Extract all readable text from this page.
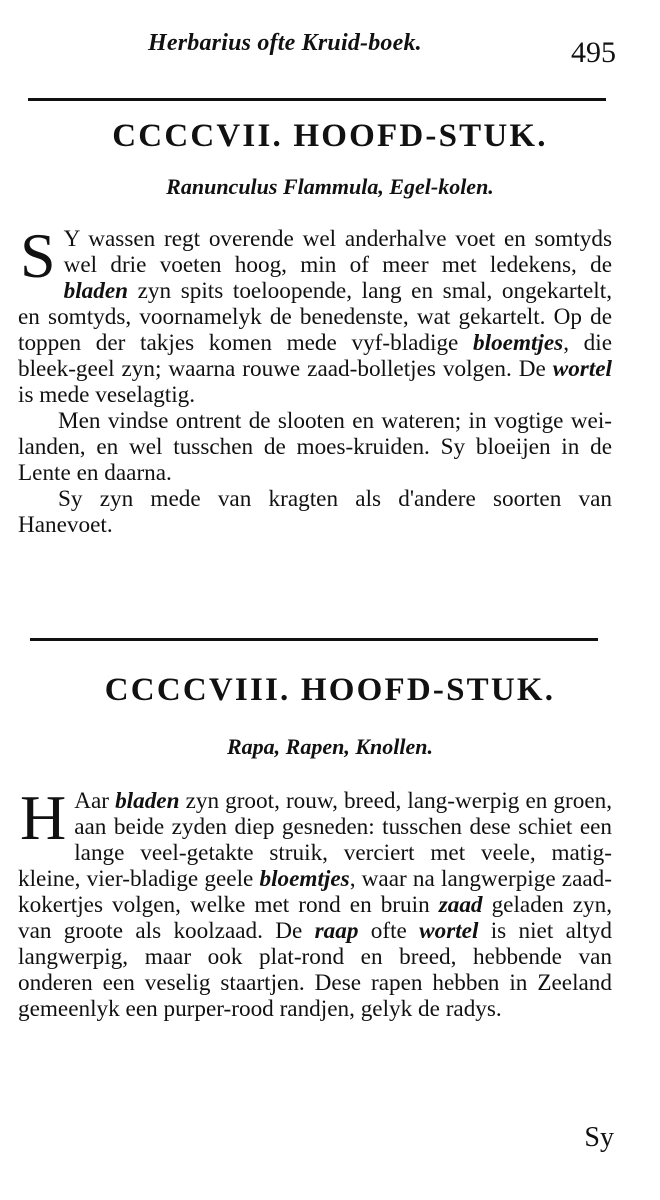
Herbarius ofte Kruid-boek.	495
CCCCVII. HOOFD-STUK.
Ranunculus Flammula, Egel-kolen.

S Y wassen regt overende wel anderhalve voet en somtyds wel drie voeten hoog, min of meer met ledekens, de bladen zyn spits toeloopende, lang en smal, ongekartelt, en somtyds, voornamelyk de benedenste, wat gekartelt. Op de toppen der takjes komen mede vyf-bladige bloemtjes, die bleek-geel zyn; waarna rouwe zaad-bolletjes volgen. De wortel is mede veselagtig.

Men vindse ontrent de slooten en wateren; in vogtige wei-landen, en wel tusschen de moes-kruiden. Sy bloeijen in de Lente en daarna.

Sy zyn mede van kragten als d'andere soorten van Hanevoet.

CCCCVIII. HOOFD-STUK.
Rapa, Rapen, Knollen.

H Aar bladen zyn groot, rouw, breed, lang-werpig en groen, aan beide zyden diep gesneden: tusschen dese schiet een lange veel-getakte struik, verciert met veele, matig-kleine, vier-bladige geele bloemtjes, waar na langwerpige zaad-kokertjes volgen, welke met rond en bruin zaad geladen zyn, van groote als koolzaad. De raap ofte wortel is niet altyd langwerpig, maar ook plat-rond en breed, hebbende van onderen een veselig staartjen. Dese rapen hebben in Zeeland gemeenlyk een purper-rood randjen, gelyk de radys.

Sy
